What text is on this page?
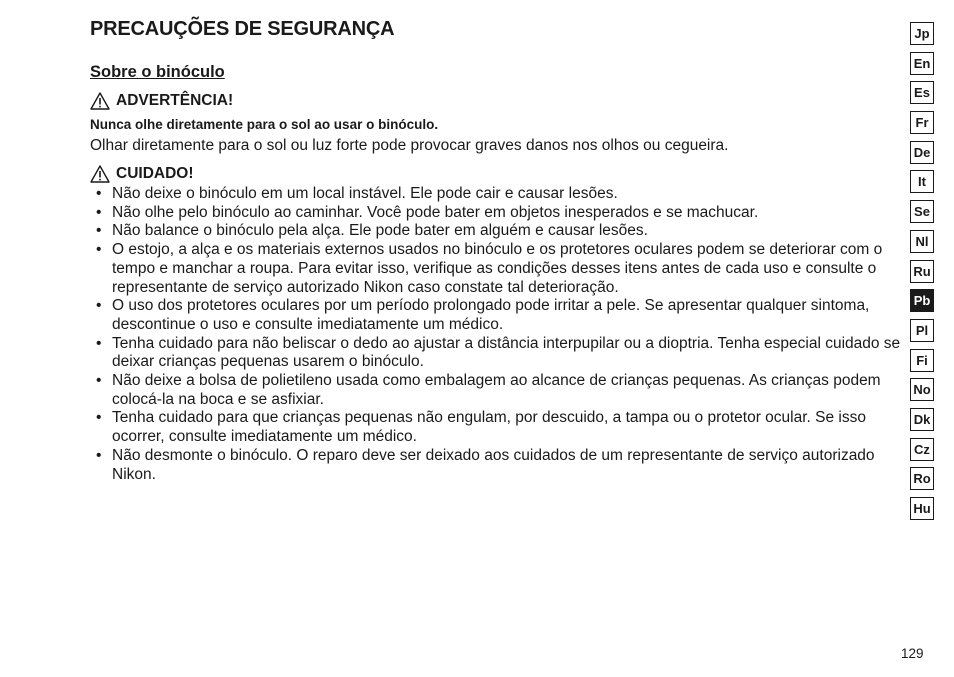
PRECAUÇÕES DE SEGURANÇA
Sobre o binóculo
ADVERTÊNCIA!
Nunca olhe diretamente para o sol ao usar o binóculo.
Olhar diretamente para o sol ou luz forte pode provocar graves danos nos olhos ou cegueira.
CUIDADO!
• Não deixe o binóculo em um local instável. Ele pode cair e causar lesões.
• Não olhe pelo binóculo ao caminhar. Você pode bater em objetos inesperados e se machucar.
• Não balance o binóculo pela alça. Ele pode bater em alguém e causar lesões.
• O estojo, a alça e os materiais externos usados no binóculo e os protetores oculares podem se deteriorar com o tempo e manchar a roupa. Para evitar isso, verifique as condições desses itens antes de cada uso e consulte o representante de serviço autorizado Nikon caso constate tal deterioração.
• O uso dos protetores oculares por um período prolongado pode irritar a pele. Se apresentar qualquer sintoma, descontinue o uso e consulte imediatamente um médico.
• Tenha cuidado para não beliscar o dedo ao ajustar a distância interpupilar ou a dioptria. Tenha especial cuidado se deixar crianças pequenas usarem o binóculo.
• Não deixe a bolsa de polietileno usada como embalagem ao alcance de crianças pequenas. As crianças podem colocá-la na boca e se asfixiar.
• Tenha cuidado para que crianças pequenas não engulam, por descuido, a tampa ou o protetor ocular. Se isso ocorrer, consulte imediatamente um médico.
• Não desmonte o binóculo. O reparo deve ser deixado aos cuidados de um representante de serviço autorizado Nikon.
Jp
En
Es
Fr
De
It
Se
Nl
Ru
Pb
Pl
Fi
No
Dk
Cz
Ro
Hu
129
